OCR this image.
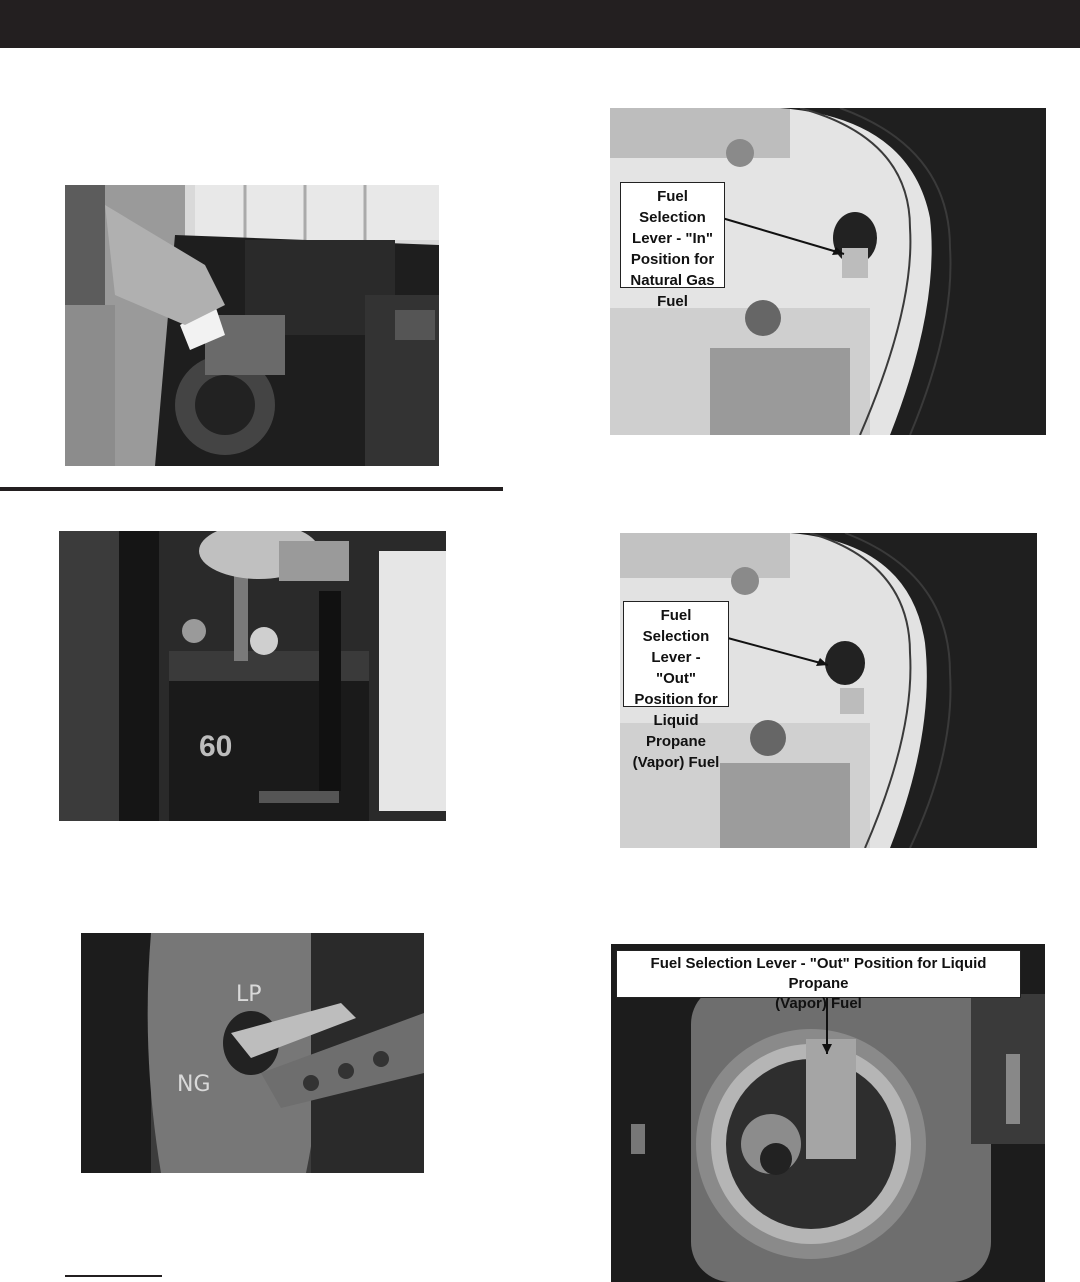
60
LP
NG
Fuel Selection
Lever - "In"
Position for
Natural Gas
Fuel
Fuel Selection
Lever - "Out"
Position for
Liquid Propane
(Vapor) Fuel
Fuel Selection Lever - "Out" Position for Liquid Propane
(Vapor) Fuel
